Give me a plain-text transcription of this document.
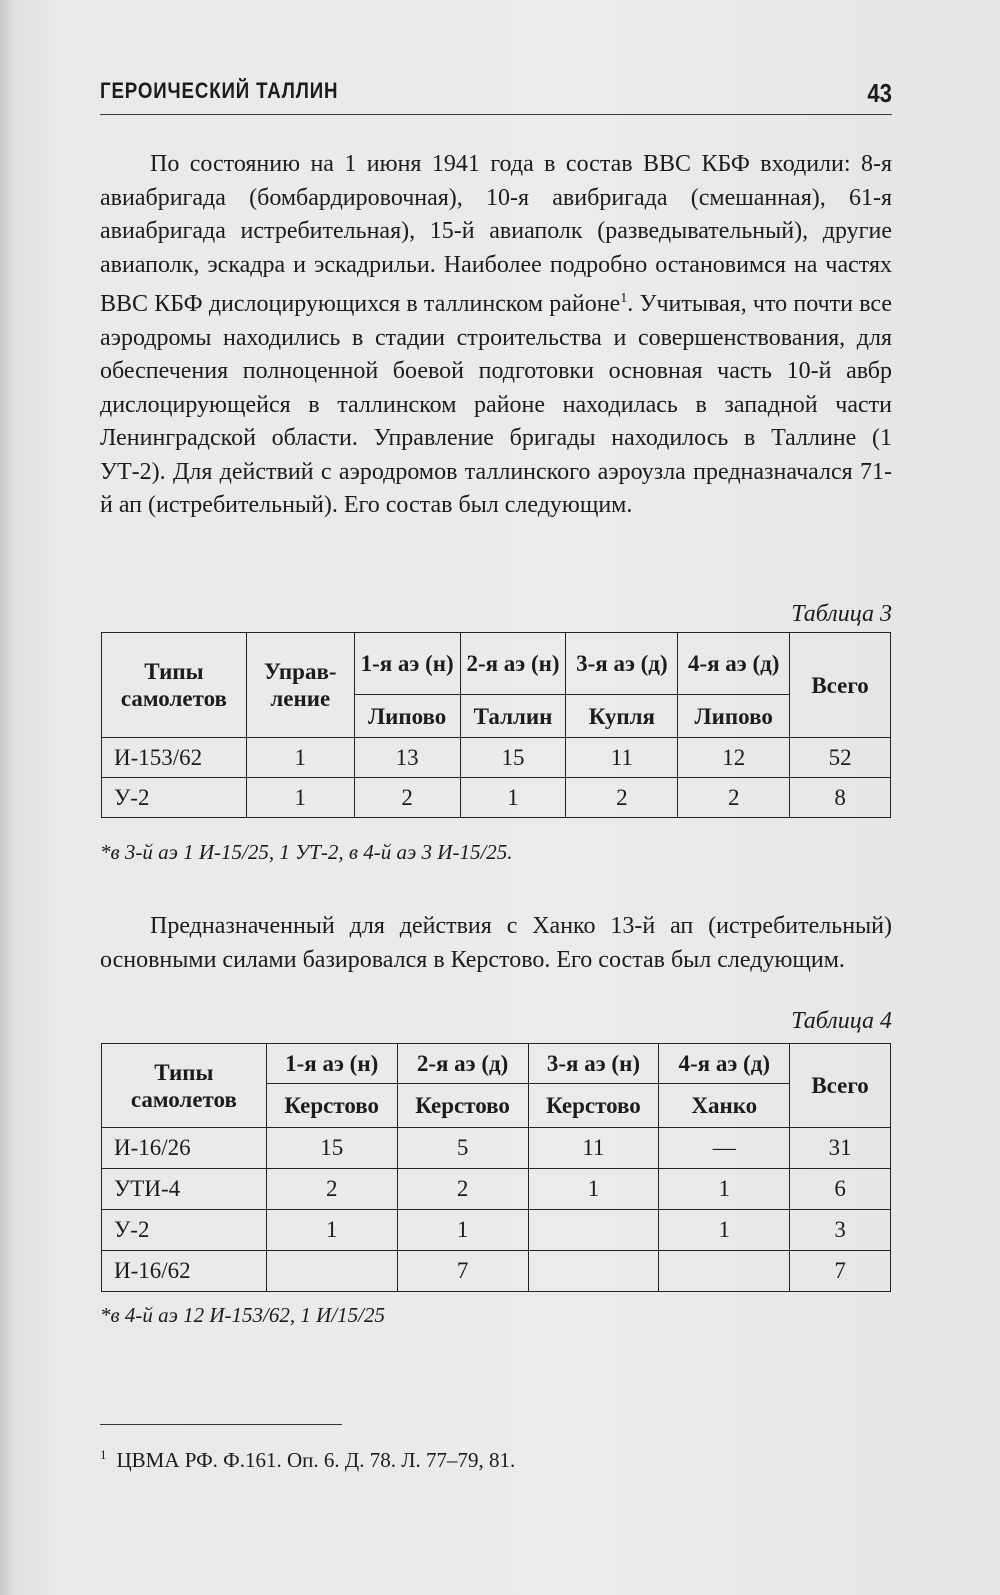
ГЕРОИЧЕСКИЙ ТАЛЛИН	43

По состоянию на 1 июня 1941 года в состав ВВС КБФ входили: 8-я авиабригада (бомбардировочная), 10-я авибригада (смешанная), 61-я авиабригада истребительная), 15-й авиаполк (разведывательный), другие авиаполк, эскадра и эскадрильи. Наиболее подробно остановимся на частях ВВС КБФ дислоцирующихся в таллинском районе$^1$. Учитывая, что почти все аэродромы находились в стадии строительства и совершенствования, для обеспечения полноценной боевой подготовки основная часть 10-й авбр дислоцирующейся в таллинском районе находилась в западной части Ленинградской области. Управление бригады находилось в Таллине (1 УТ-2). Для действий с аэродромов таллинского аэроузла предназначался 71-й ап (истребительный). Его состав был следующим.

Таблица 3
Типы самолетов	Управ-ление	1-я аэ (н)	2-я аэ (н)	3-я аэ (д)	4-я аэ (д)	Всего
		Липово	Таллин	Купля	Липово	
И-153/62	1	13	15	11	12	52
У-2	1	2	1	2	2	8
*в 3-й аэ 1 И-15/25, 1 УТ-2, в 4-й аэ 3 И-15/25.

Предназначенный для действия с Ханко 13-й ап (истребительный) основными силами базировался в Керстово. Его состав был следующим.

Таблица 4
Типы самолетов	1-я аэ (н)	2-я аэ (д)	3-я аэ (н)	4-я аэ (д)	Всего
	Керстово	Керстово	Керстово	Ханко	
И-16/26	15	5	11	—	31
УТИ-4	2	2	1	1	6
У-2	1	1		1	3
И-16/62		7			7
*в 4-й аэ 12 И-153/62, 1 И/15/25
$^1$ ЦВМА РФ. Ф.161. Оп. 6. Д. 78. Л. 77–79, 81.
